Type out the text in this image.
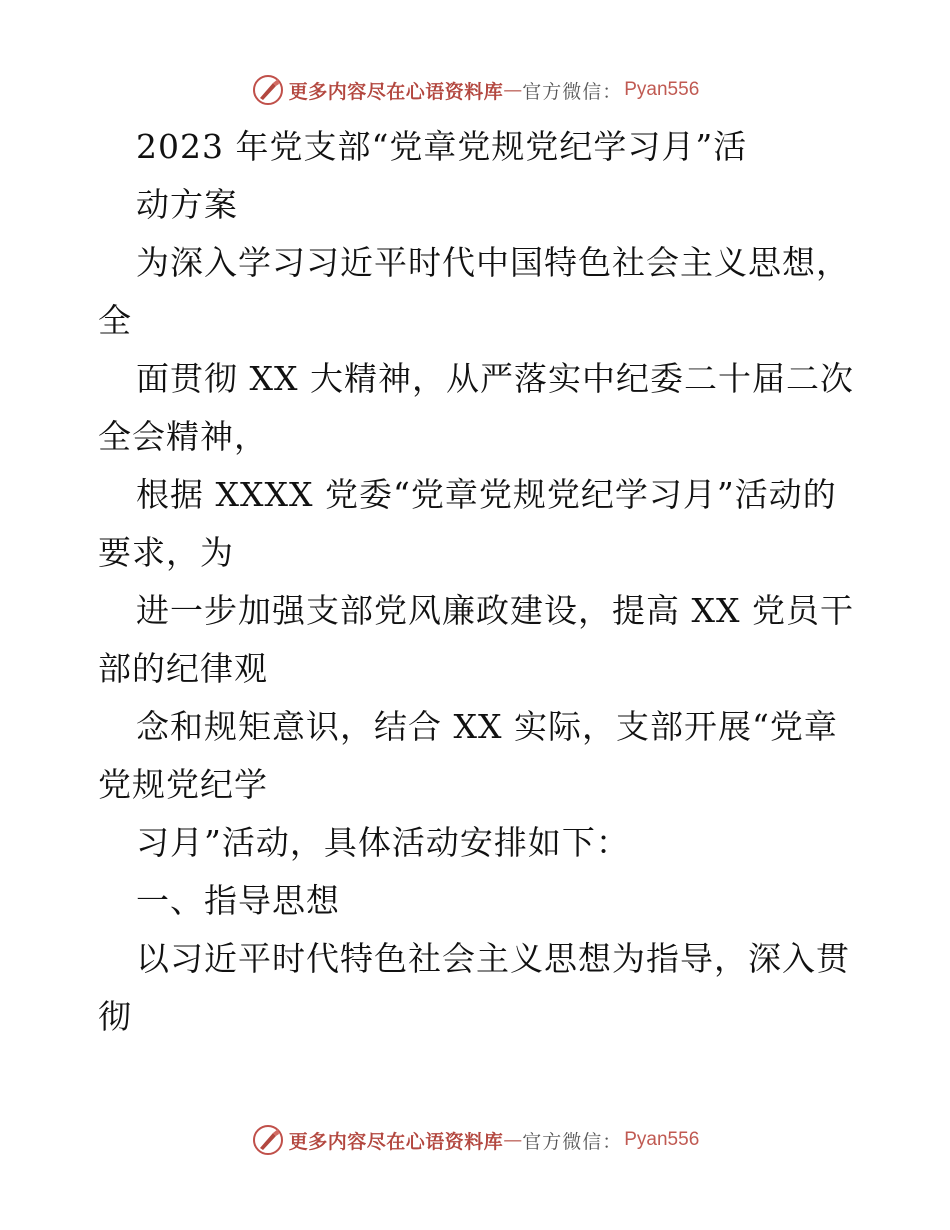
更多内容尽在心语资料库 — 官方微信： Pyan556
2023 年党支部“党章党规党纪学习月”活
动方案
为深入学习习近平时代中国特色社会主义思想，
全
面贯彻 XX 大精神，从严落实中纪委二十届二次
全会精神，
根据 XXXX 党委“党章党规党纪学习月”活动的
要求，为
进一步加强支部党风廉政建设，提高 XX 党员干
部的纪律观
念和规矩意识，结合 XX 实际，支部开展“党章
党规党纪学
习月”活动，具体活动安排如下：
一、指导思想
以习近平时代特色社会主义思想为指导，深入贯
彻
更多内容尽在心语资料库 — 官方微信： Pyan556
